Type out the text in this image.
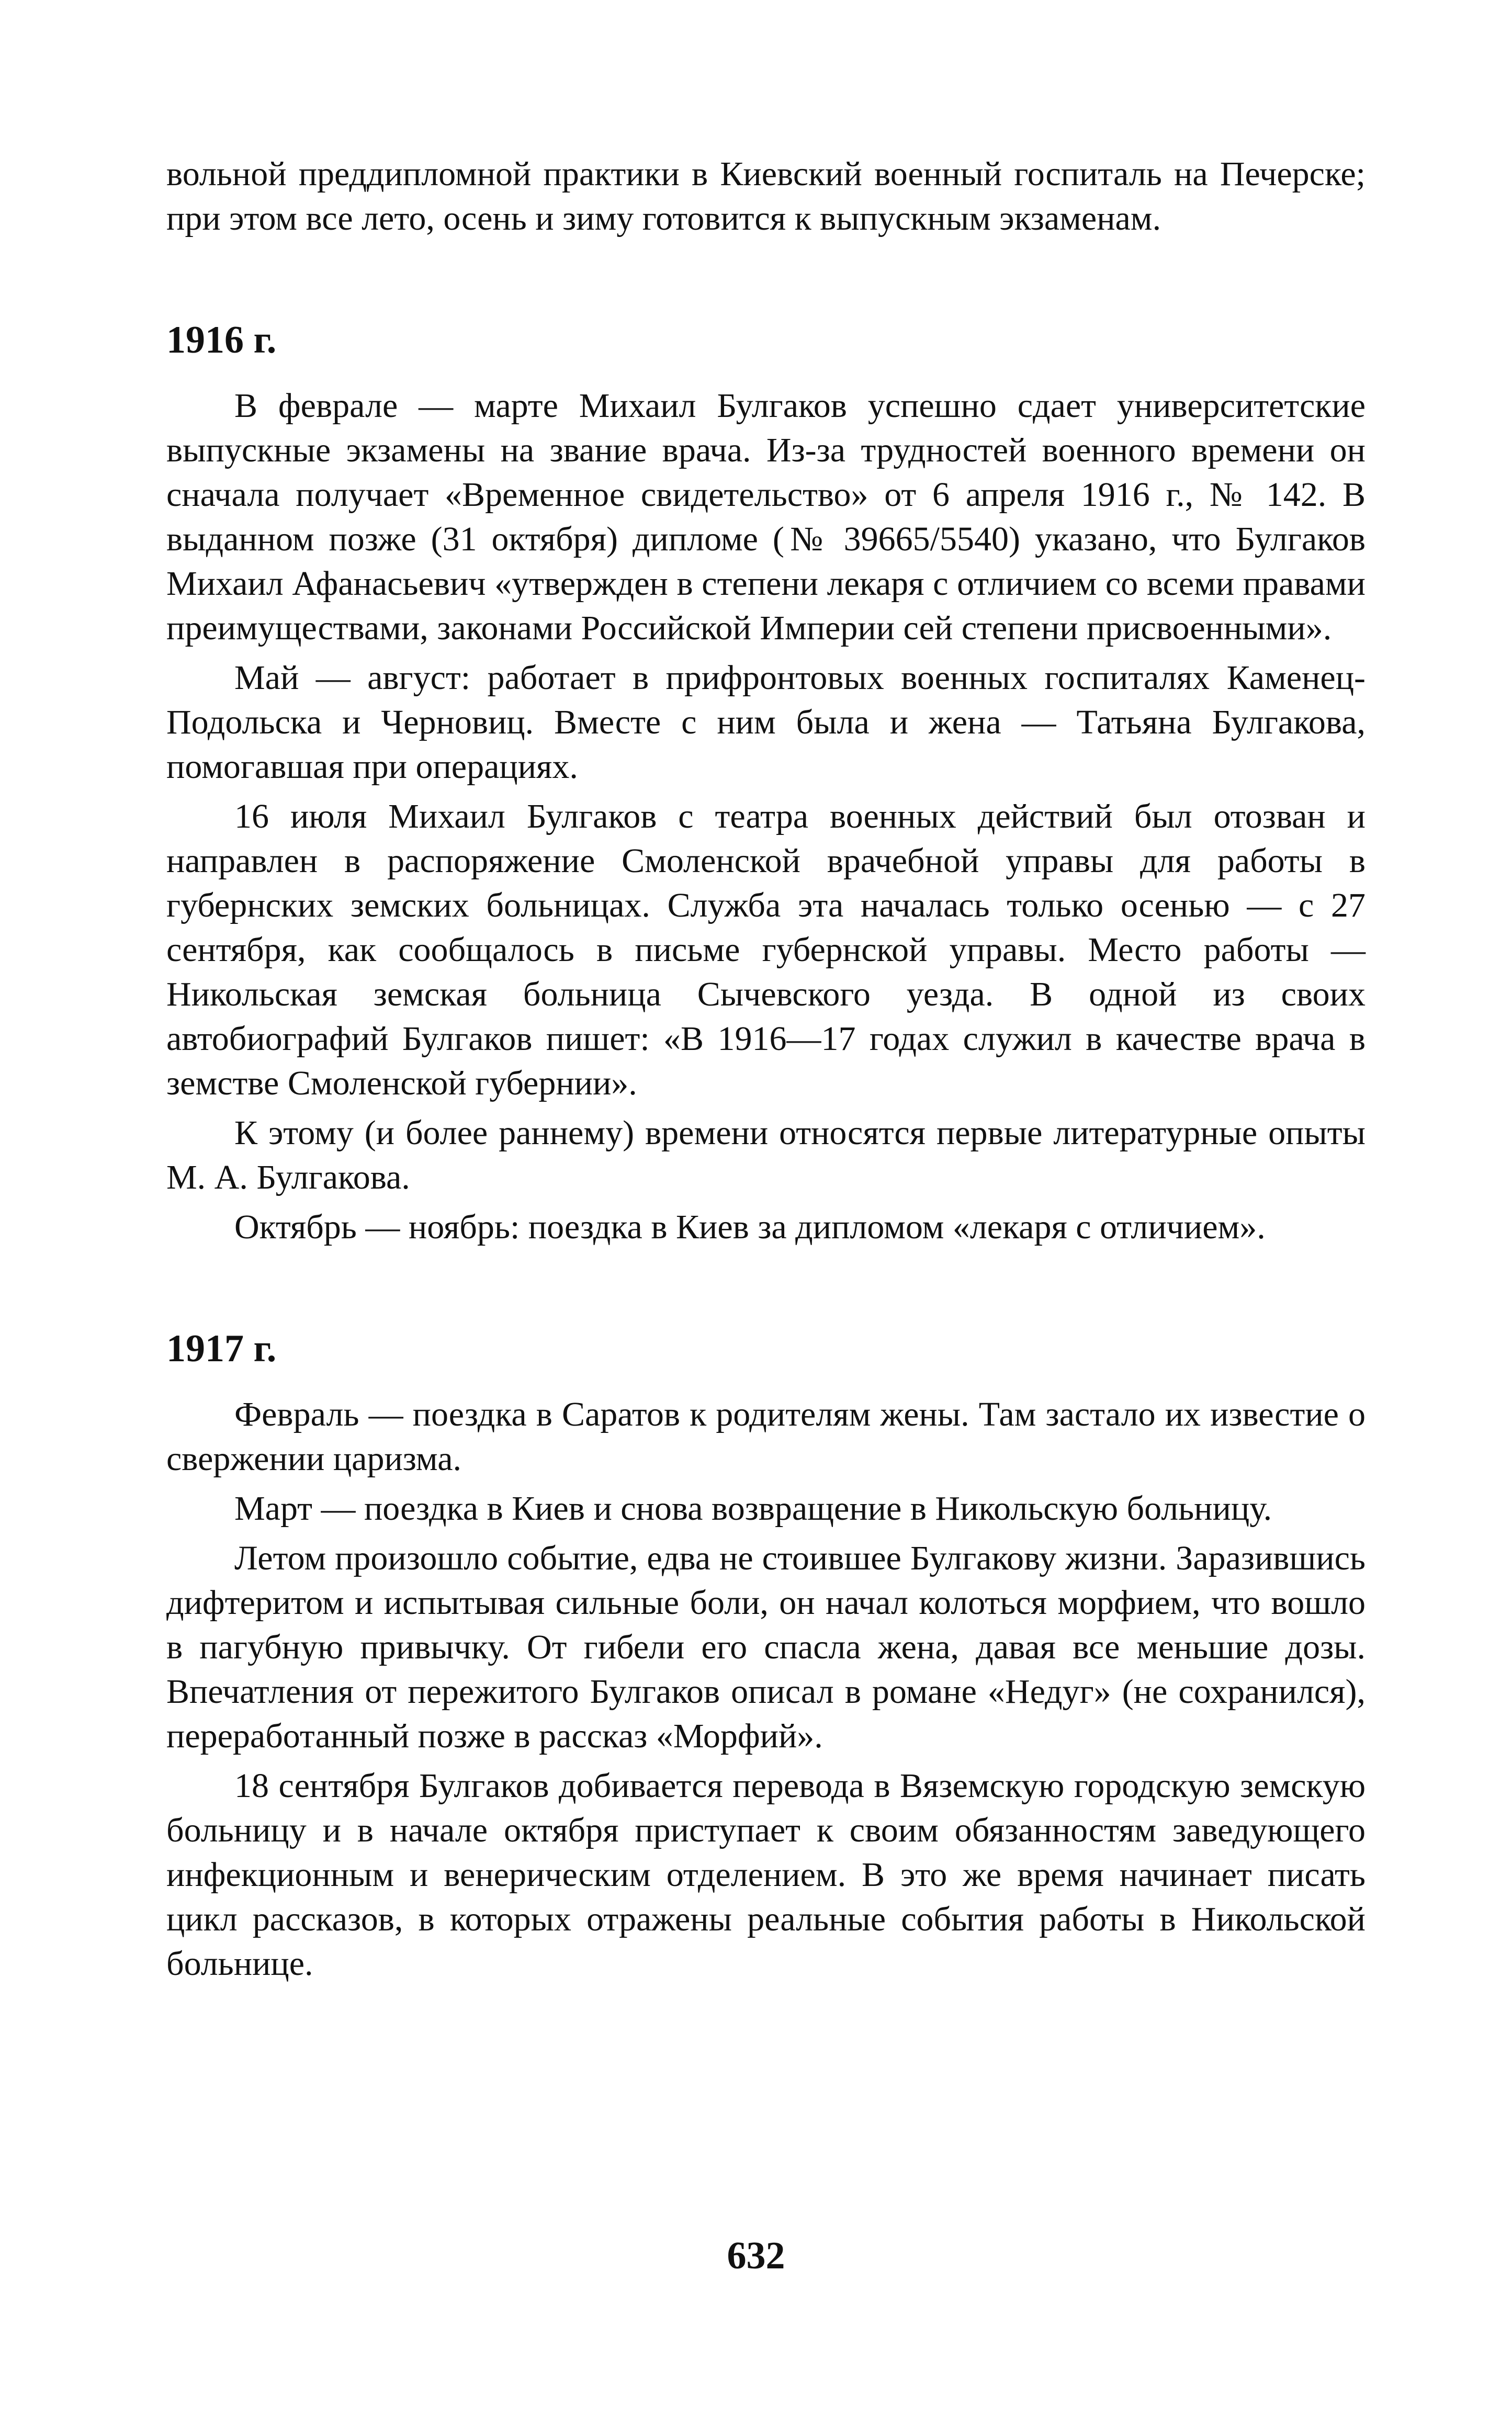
вольной преддипломной практики в Киевский военный госпиталь на Печерске; при этом все лето, осень и зиму готовится к выпускным экзаменам.

1916 г.

В феврале — марте Михаил Булгаков успешно сдает университетские выпускные экзамены на звание врача. Из-за трудностей военного времени он сначала получает «Временное свидетельство» от 6 апреля 1916 г., № 142. В выданном позже (31 октября) дипломе (№ 39665/5540) указано, что Булгаков Михаил Афанасьевич «утвержден в степени лекаря с отличием со всеми правами преимуществами, законами Российской Империи сей степени присвоенными».

Май — август: работает в прифронтовых военных госпиталях Каменец-Подольска и Черновиц. Вместе с ним была и жена — Татьяна Булгакова, помогавшая при операциях.

16 июля Михаил Булгаков с театра военных действий был отозван и направлен в распоряжение Смоленской врачебной управы для работы в губернских земских больницах. Служба эта началась только осенью — с 27 сентября, как сообщалось в письме губернской управы. Место работы — Никольская земская больница Сычевского уезда. В одной из своих автобиографий Булгаков пишет: «В 1916—17 годах служил в качестве врача в земстве Смоленской губернии».

К этому (и более раннему) времени относятся первые литературные опыты М. А. Булгакова.

Октябрь — ноябрь: поездка в Киев за дипломом «лекаря с отличием».

1917 г.

Февраль — поездка в Саратов к родителям жены. Там застало их известие о свержении царизма.

Март — поездка в Киев и снова возвращение в Никольскую больницу.

Летом произошло событие, едва не стоившее Булгакову жизни. Заразившись дифтеритом и испытывая сильные боли, он начал колоться морфием, что вошло в пагубную привычку. От гибели его спасла жена, давая все меньшие дозы. Впечатления от пережитого Булгаков описал в романе «Недуг» (не сохранился), переработанный позже в рассказ «Морфий».

18 сентября Булгаков добивается перевода в Вяземскую городскую земскую больницу и в начале октября приступает к своим обязанностям заведующего инфекционным и венерическим отделением. В это же время начинает писать цикл рассказов, в которых отражены реальные события работы в Никольской больнице.

632
